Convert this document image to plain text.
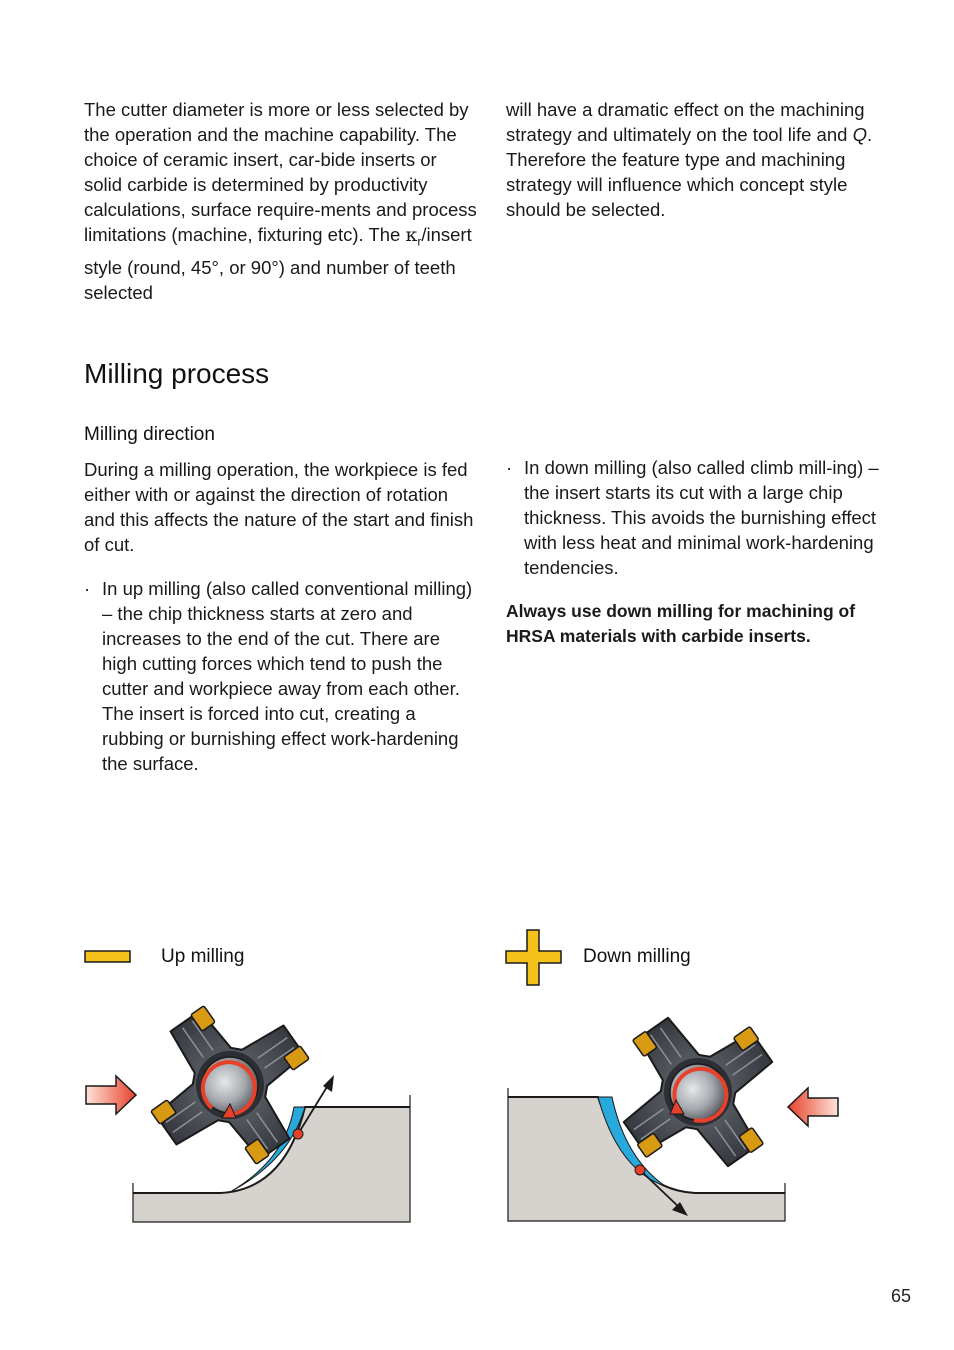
The cutter diameter is more or less selected by the operation and the machine capability. The choice of ceramic insert, car-bide inserts or solid carbide is determined by productivity calculations, surface require-ments and process limitations (machine, fixturing etc). The $\kappa_r$/insert style (round, 45°, or 90°) and number of teeth selected

will have a dramatic effect on the machining strategy and ultimately on the tool life and Q. Therefore the feature type and machining strategy will influence which concept style should be selected.

Milling process
Milling direction

During a milling operation, the workpiece is fed either with or against the direction of rotation and this affects the nature of the start and finish of cut.

· In up milling (also called conventional milling) – the chip thickness starts at zero and increases to the end of the cut. There are high cutting forces which tend to push the cutter and workpiece away from each other. The insert is forced into cut, creating a rubbing or burnishing effect work-hardening the surface.
· In down milling (also called climb mill-ing) – the insert starts its cut with a large chip thickness. This avoids the burnishing effect with less heat and minimal work-hardening tendencies.

Always use down milling for machining of HRSA materials with carbide inserts.

Up milling	Down milling
65
